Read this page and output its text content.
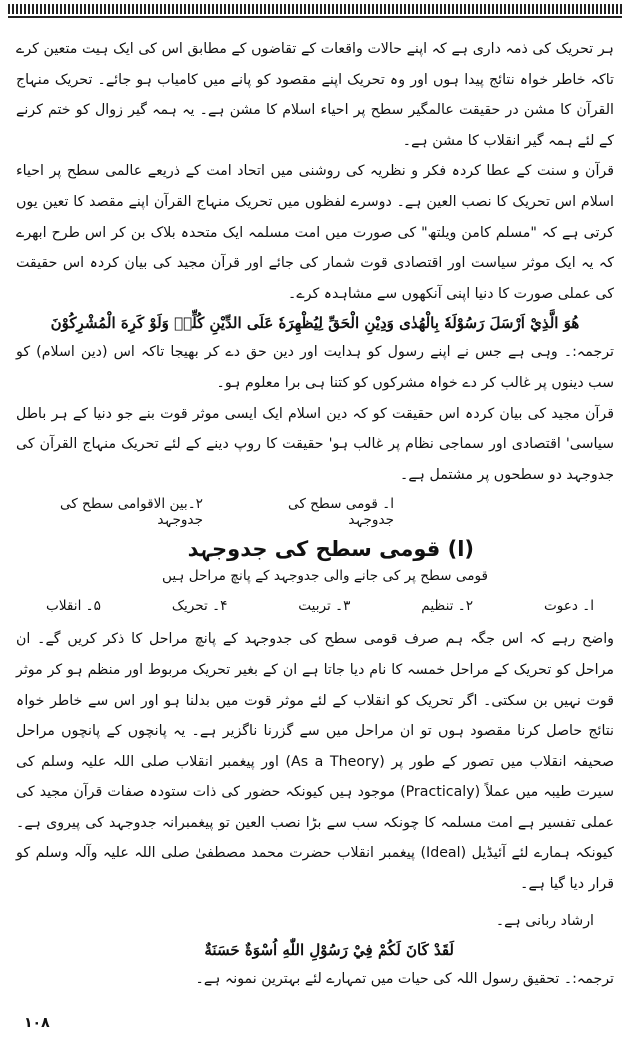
ہر تحریک کی ذمہ داری ہے کہ اپنے حالات واقعات کے تقاضوں کے مطابق اس کی ایک ہیت متعین کرے تاکہ خاطر خواہ نتائج پیدا ہوں اور وہ تحریک اپنے مقصود کو پانے میں کامیاب ہو جائے۔ تحریک منہاج القرآن کا مشن در حقیقت عالمگیر سطح پر احیاء اسلام کا مشن ہے۔ یہ ہمہ گیر زوال کو ختم کرنے کے لئے ہمہ گیر انقلاب کا مشن ہے۔

قرآن و سنت کے عطا کردہ فکر و نظریہ کی روشنی میں اتحاد امت کے ذریعے عالمی سطح پر احیاء اسلام اس تحریک کا نصب العین ہے۔ دوسرے لفظوں میں تحریک منہاج القرآن اپنے مقصد کا تعین یوں کرتی ہے کہ "مسلم کامن ویلتھ" کی صورت میں امت مسلمہ ایک متحدہ بلاک بن کر اس طرح ابھرے کہ یہ ایک موثر سیاست اور اقتصادی قوت شمار کی جائے اور قرآن مجید کی بیان کردہ اس حقیقت کی عملی صورت کا دنیا اپنی آنکھوں سے مشاہدہ کرے۔

هُوَ الَّذِيْ اَرْسَلَ رَسُوْلَهٗ بِالْهُدٰى وَدِيْنِ الْحَقِّ لِيُظْهِرَهٗ عَلَى الدِّيْنِ كُلِّهٖ وَلَوْ كَرِهَ الْمُشْرِكُوْنَ

ترجمہ:۔ وہی ہے جس نے اپنے رسول کو ہدایت اور دین حق دے کر بھیجا تاکہ اس (دین اسلام) کو سب دینوں پر غالب کر دے خواہ مشرکوں کو کتنا ہی برا معلوم ہو۔

قرآن مجید کی بیان کردہ اس حقیقت کو کہ دین اسلام ایک ایسی موثر قوت بنے جو دنیا کے ہر باطل سیاسی' اقتصادی اور سماجی نظام پر غالب ہو' حقیقت کا روپ دینے کے لئے تحریک منہاج القرآن کی جدوجہد دو سطحوں پر مشتمل ہے۔

ا۔ قومی سطح کی جدوجہد
۲۔بین الاقوامی سطح کی جدوجہد

(ا) قومی سطح کی جدوجہد

قومی سطح پر کی جانے والی جدوجہد کے پانچ مراحل ہیں

ا۔ دعوت
۲۔ تنظیم
۳۔ تربیت
۴۔ تحریک
۵۔ انقلاب

واضح رہے کہ اس جگہ ہم صرف قومی سطح کی جدوجہد کے پانچ مراحل کا ذکر کریں گے۔ ان مراحل کو تحریک کے مراحل خمسہ کا نام دیا جاتا ہے ان کے بغیر تحریک مربوط اور منظم ہو کر موثر قوت نہیں بن سکتی۔ اگر تحریک کو انقلاب کے لئے موثر قوت میں بدلنا ہو اور اس سے خاطر خواہ نتائج حاصل کرنا مقصود ہوں تو ان مراحل میں سے گزرنا ناگزیر ہے۔ یہ پانچوں کے پانچوں مراحل صحیفہ انقلاب میں تصور کے طور پر (As a Theory) اور پیغمبر انقلاب صلی اللہ علیہ وسلم کی سیرت طیبہ میں عملاً (Practicaly) موجود ہیں کیونکہ حضور کی ذات ستودہ صفات قرآن مجید کی عملی تفسیر ہے امت مسلمہ کا چونکہ سب سے بڑا نصب العین تو پیغمبرانہ جدوجہد کی پیروی ہے۔ کیونکہ ہمارے لئے آئیڈیل (Ideal) پیغمبر انقلاب حضرت محمد مصطفیٰ صلی اللہ علیہ وآلہ وسلم کو قرار دیا گیا ہے۔

ارشاد ربانی ہے۔

لَقَدْ كَانَ لَكُمْ فِيْ رَسُوْلِ اللّٰهِ اُسْوَةٌ حَسَنَةٌ

ترجمہ:۔ تحقیق رسول اللہ کی حیات میں تمہارے لئے بہترین نمونہ ہے۔

۱۰۸
